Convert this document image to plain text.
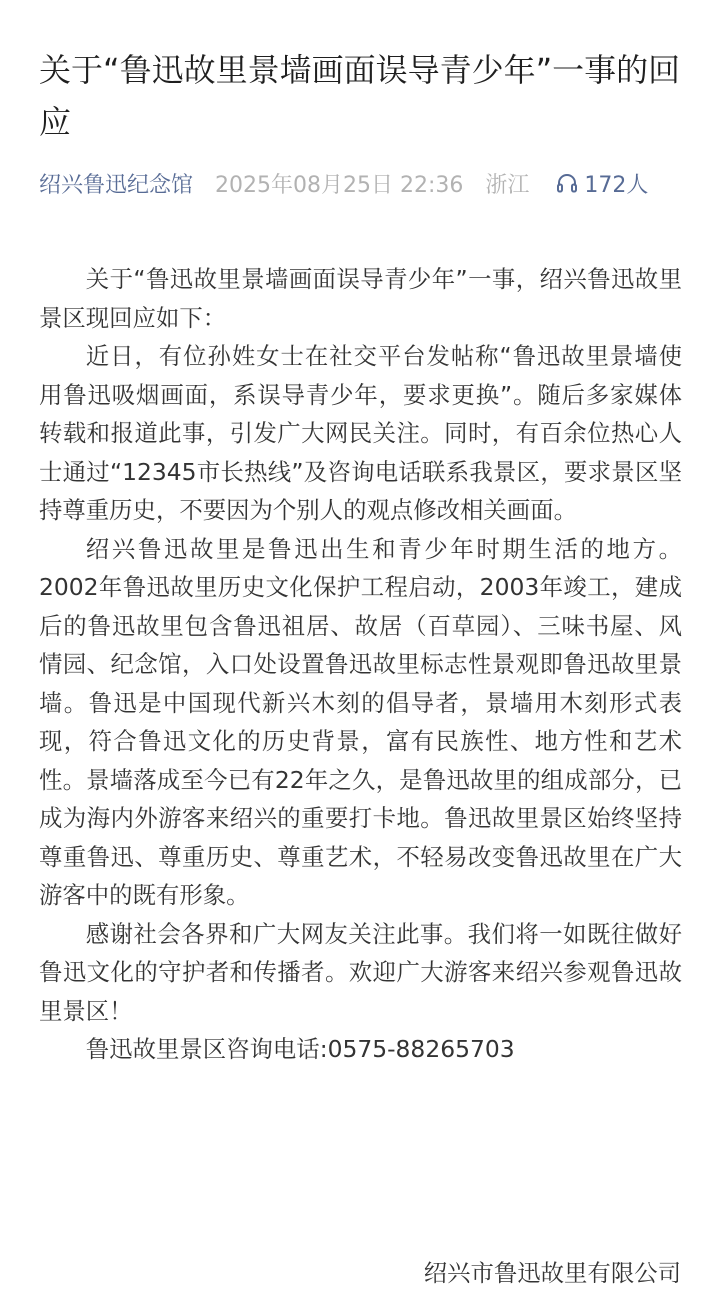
关于“鲁迅故里景墙画面误导青少年”一事的回应
绍兴鲁迅纪念馆 2025年08月25日 22:36 浙江	172人

关于“鲁迅故里景墙画面误导青少年”一事，绍兴鲁迅故里景区现回应如下：

近日，有位孙姓女士在社交平台发帖称“鲁迅故里景墙使用鲁迅吸烟画面，系误导青少年，要求更换”。随后多家媒体转载和报道此事，引发广大网民关注。同时，有百余位热心人士通过“12345市长热线”及咨询电话联系我景区，要求景区坚持尊重历史，不要因为个别人的观点修改相关画面。

绍兴鲁迅故里是鲁迅出生和青少年时期生活的地方。2002年鲁迅故里历史文化保护工程启动，2003年竣工，建成后的鲁迅故里包含鲁迅祖居、故居（百草园）、三味书屋、风情园、纪念馆，入口处设置鲁迅故里标志性景观即鲁迅故里景墙。鲁迅是中国现代新兴木刻的倡导者，景墙用木刻形式表现，符合鲁迅文化的历史背景，富有民族性、地方性和艺术性。景墙落成至今已有22年之久，是鲁迅故里的组成部分，已成为海内外游客来绍兴的重要打卡地。鲁迅故里景区始终坚持尊重鲁迅、尊重历史、尊重艺术，不轻易改变鲁迅故里在广大游客中的既有形象。

感谢社会各界和广大网友关注此事。我们将一如既往做好鲁迅文化的守护者和传播者。欢迎广大游客来绍兴参观鲁迅故里景区！

鲁迅故里景区咨询电话:0575-88265703

绍兴市鲁迅故里有限公司
